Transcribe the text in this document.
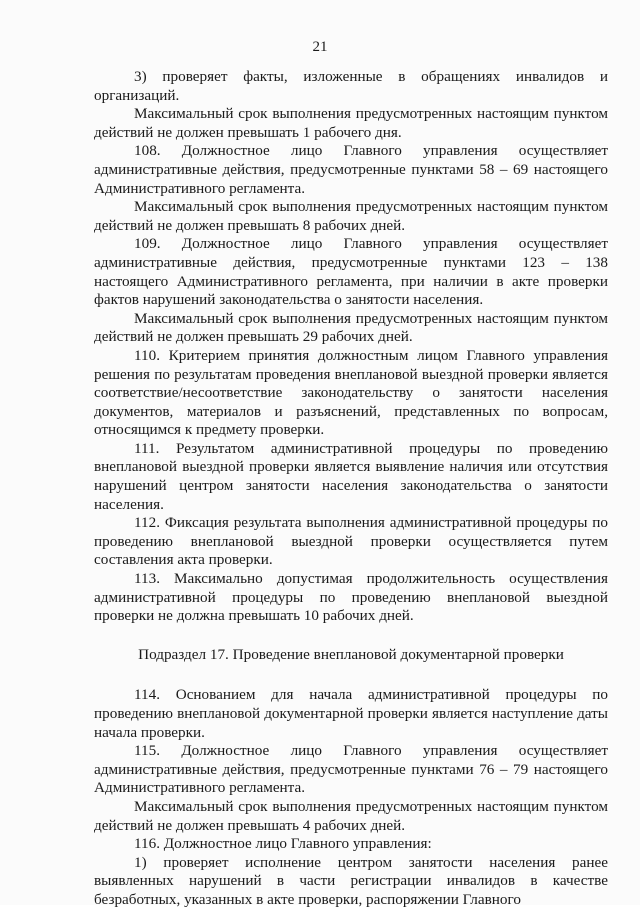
21

3) проверяет факты, изложенные в обращениях инвалидов и организаций.

Максимальный срок выполнения предусмотренных настоящим пунктом действий не должен превышать 1 рабочего дня.

108. Должностное лицо Главного управления осуществляет административные действия, предусмотренные пунктами 58 – 69 настоящего Административного регламента.

Максимальный срок выполнения предусмотренных настоящим пунктом действий не должен превышать 8 рабочих дней.

109. Должностное лицо Главного управления осуществляет административные действия, предусмотренные пунктами 123 – 138 настоящего Административного регламента, при наличии в акте проверки фактов нарушений законодательства о занятости населения.

Максимальный срок выполнения предусмотренных настоящим пунктом действий не должен превышать 29 рабочих дней.

110. Критерием принятия должностным лицом Главного управления решения по результатам проведения внеплановой выездной проверки является соответствие/несоответствие законодательству о занятости населения документов, материалов и разъяснений, представленных по вопросам, относящимся к предмету проверки.

111. Результатом административной процедуры по проведению внеплановой выездной проверки является выявление наличия или отсутствия нарушений центром занятости населения законодательства о занятости населения.

112. Фиксация результата выполнения административной процедуры по проведению внеплановой выездной проверки осуществляется путем составления акта проверки.

113. Максимально допустимая продолжительность осуществления административной процедуры по проведению внеплановой выездной проверки не должна превышать 10 рабочих дней.

Подраздел 17. Проведение внеплановой документарной проверки

114. Основанием для начала административной процедуры по проведению внеплановой документарной проверки является наступление даты начала проверки.

115. Должностное лицо Главного управления осуществляет административные действия, предусмотренные пунктами 76 – 79 настоящего Административного регламента.

Максимальный срок выполнения предусмотренных настоящим пунктом действий не должен превышать 4 рабочих дней.

116. Должностное лицо Главного управления:

1) проверяет исполнение центром занятости населения ранее выявленных нарушений в части регистрации инвалидов в качестве безработных, указанных в акте проверки, распоряжении Главного
